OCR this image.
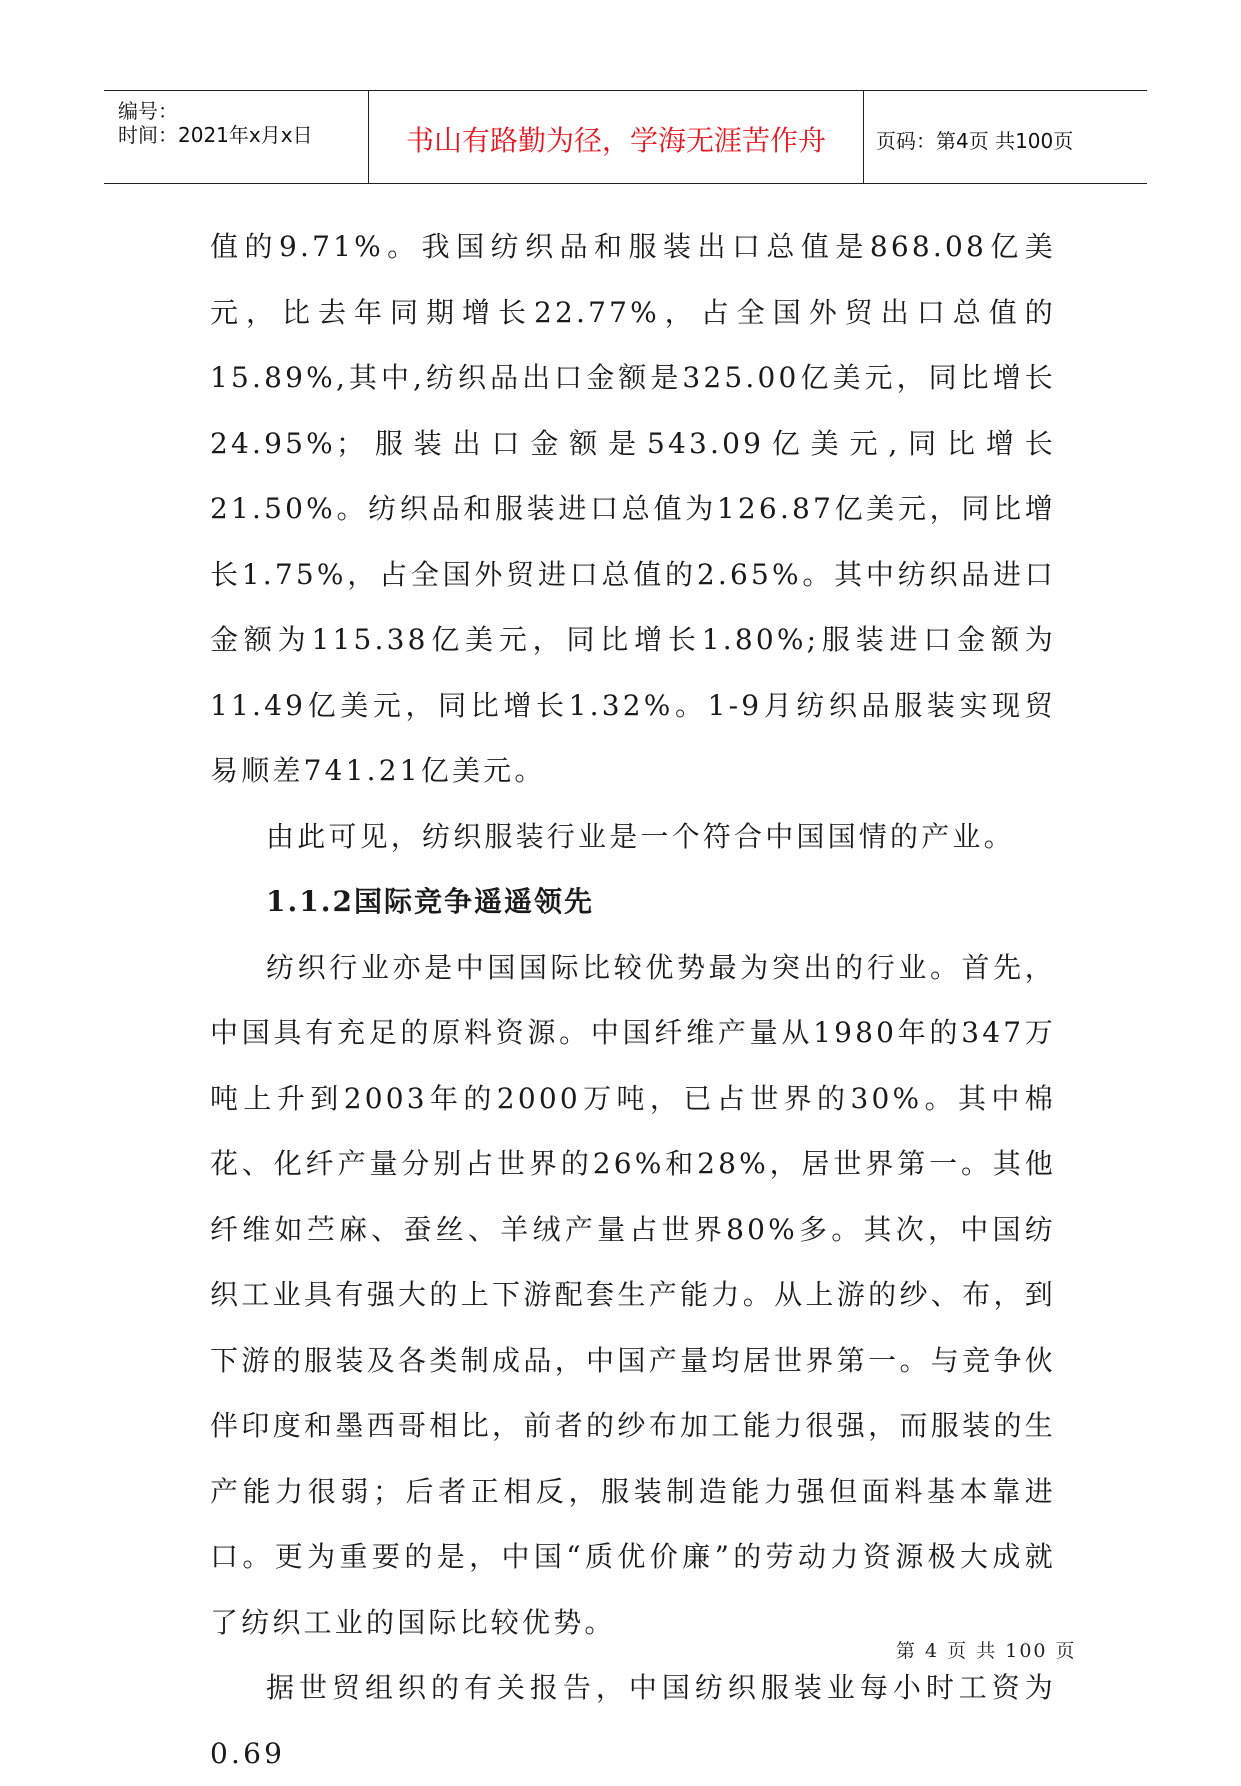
编号：
时间：2021年x月x日	书山有路勤为径，学海无涯苦作舟	页码：第4页 共100页

值的9.71%。我国纺织品和服装出口总值是868.08亿美元，比去年同期增长22.77%，占全国外贸出口总值的15.89%,其中,纺织品出口金额是325.00亿美元，同比增长24.95%；服装出口金额是543.09亿美元,同比增长21.50%。纺织品和服装进口总值为126.87亿美元，同比增长1.75%，占全国外贸进口总值的2.65%。其中纺织品进口金额为115.38亿美元，同比增长1.80%;服装进口金额为11.49亿美元，同比增长1.32%。1-9月纺织品服装实现贸易顺差741.21亿美元。

由此可见，纺织服装行业是一个符合中国国情的产业。

1.1.2国际竞争遥遥领先

纺织行业亦是中国国际比较优势最为突出的行业。首先，中国具有充足的原料资源。中国纤维产量从1980年的347万吨上升到2003年的2000万吨，已占世界的30%。其中棉花、化纤产量分别占世界的26%和28%，居世界第一。其他纤维如苎麻、蚕丝、羊绒产量占世界80%多。其次，中国纺织工业具有强大的上下游配套生产能力。从上游的纱、布，到下游的服装及各类制成品，中国产量均居世界第一。与竞争伙伴印度和墨西哥相比，前者的纱布加工能力很强，而服装的生产能力很弱；后者正相反，服装制造能力强但面料基本靠进口。更为重要的是，中国“质优价廉”的劳动力资源极大成就了纺织工业的国际比较优势。

据世贸组织的有关报告，中国纺织服装业每小时工资为0.69

第 4 页 共 100 页
